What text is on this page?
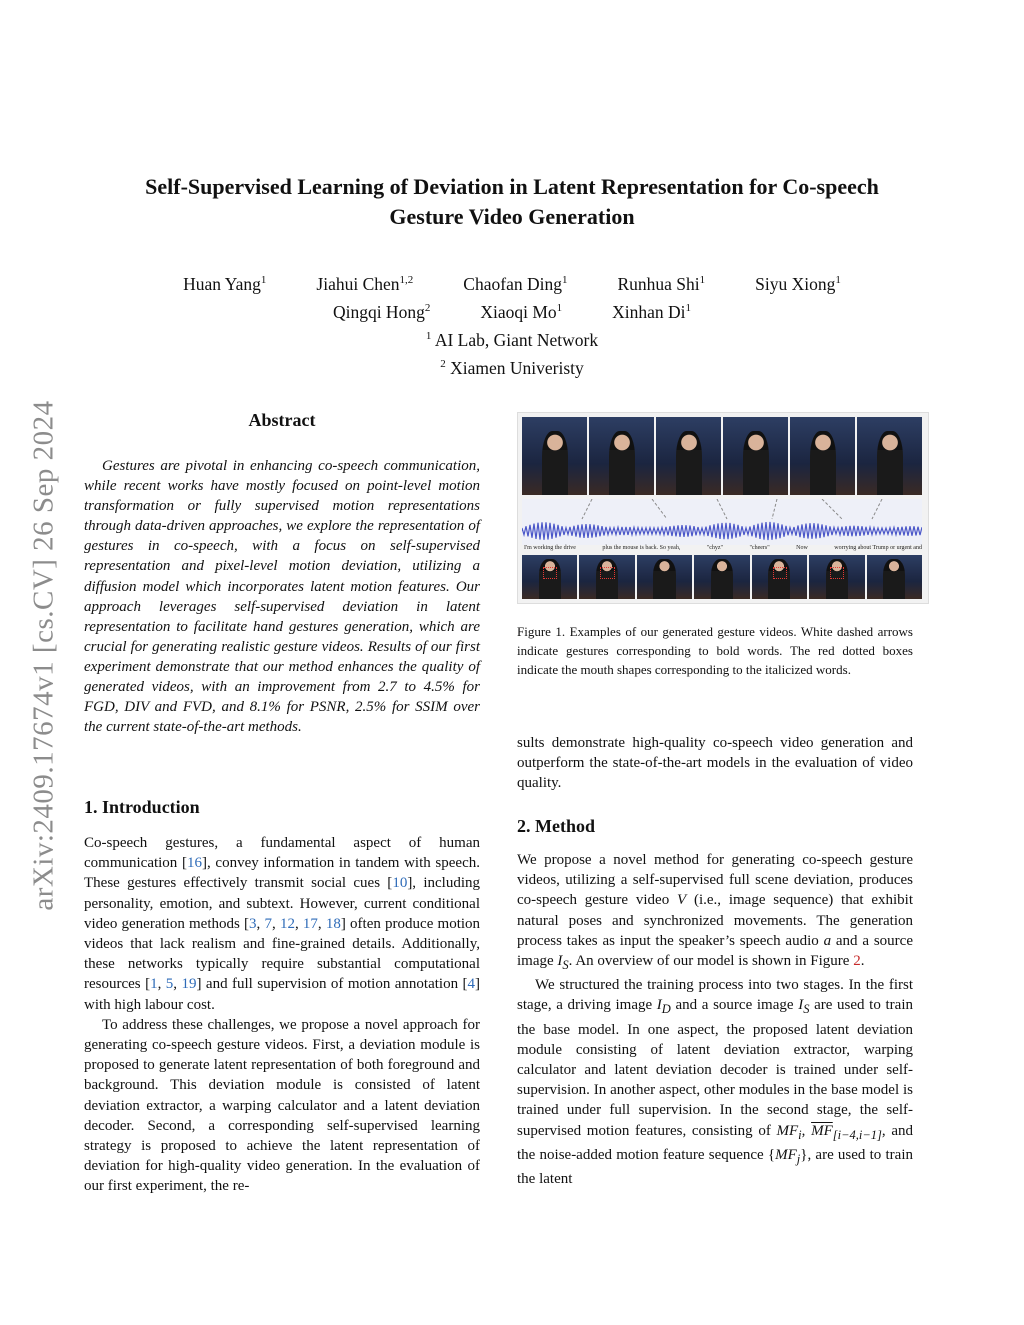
arXiv:2409.17674v1 [cs.CV] 26 Sep 2024
Self-Supervised Learning of Deviation in Latent Representation for Co-speech
Gesture Video Generation
Huan Yang$^1$	Jiahui Chen$^{1,2}$	Chaofan Ding$^1$	Runhua Shi$^1$	Siyu Xiong$^1$
Qingqi Hong$^2$	Xiaoqi Mo$^1$	Xinhan Di$^1$
$^1$ AI Lab, Giant Network
$^2$ Xiamen Univeristy
Abstract

Gestures are pivotal in enhancing co-speech communication, while recent works have mostly focused on point-level motion transformation or fully supervised motion representations through data-driven approaches, we explore the representation of gestures in co-speech, with a focus on self-supervised representation and pixel-level motion deviation, utilizing a diffusion model which incorporates latent motion features. Our approach leverages self-supervised deviation in latent representation to facilitate hand gestures generation, which are crucial for generating realistic gesture videos. Results of our first experiment demonstrate that our method enhances the quality of generated videos, with an improvement from 2.7 to 4.5% for FGD, DIV and FVD, and 8.1% for PSNR, 2.5% for SSIM over the current state-of-the-art methods.

1. Introduction

Co-speech gestures, a fundamental aspect of human communication [16], convey information in tandem with speech. These gestures effectively transmit social cues [10], including personality, emotion, and subtext. However, current conditional video generation methods [3, 7, 12, 17, 18] often produce motion videos that lack realism and fine-grained details. Additionally, these networks typically require substantial computational resources [1, 5, 19] and full supervision of motion annotation [4] with high labour cost.

To address these challenges, we propose a novel approach for generating co-speech gesture videos. First, a deviation module is proposed to generate latent representation of both foreground and background. This deviation module is consisted of latent deviation extractor, a warping calculator and a latent deviation decoder. Second, a corresponding self-supervised learning strategy is proposed to achieve the latent representation of deviation for high-quality video generation. In the evaluation of our first experiment, the re-

I'm working the drive	plus the mouse is back. So yeah,	"chyz"	"cheers"	Now	worrying about Trump or urgent and
Figure 1. Examples of our generated gesture videos. White dashed arrows indicate gestures corresponding to bold words. The red dotted boxes indicate the mouth shapes corresponding to the italicized words.
sults demonstrate high-quality co-speech video generation and outperform the state-of-the-art models in the evaluation of video quality.
2. Method

We propose a novel method for generating co-speech gesture videos, utilizing a self-supervised full scene deviation, produces co-speech gesture video V (i.e., image sequence) that exhibit natural poses and synchronized movements. The generation process takes as input the speaker’s speech audio a and a source image $I_S$. An overview of our model is shown in Figure 2.

We structured the training process into two stages. In the first stage, a driving image $I_D$ and a source image $I_S$ are used to train the base model. In one aspect, the proposed latent deviation module consisting of latent deviation extractor, warping calculator and latent deviation decoder is trained under self-supervision. In another aspect, other modules in the base model is trained under full supervision. In the second stage, the self-supervised motion features, consisting of $MF_i$, $\overline{MF}_{[i-4,i-1]}$, and the noise-added motion feature sequence $\{MF_j\}$, are used to train the latent
